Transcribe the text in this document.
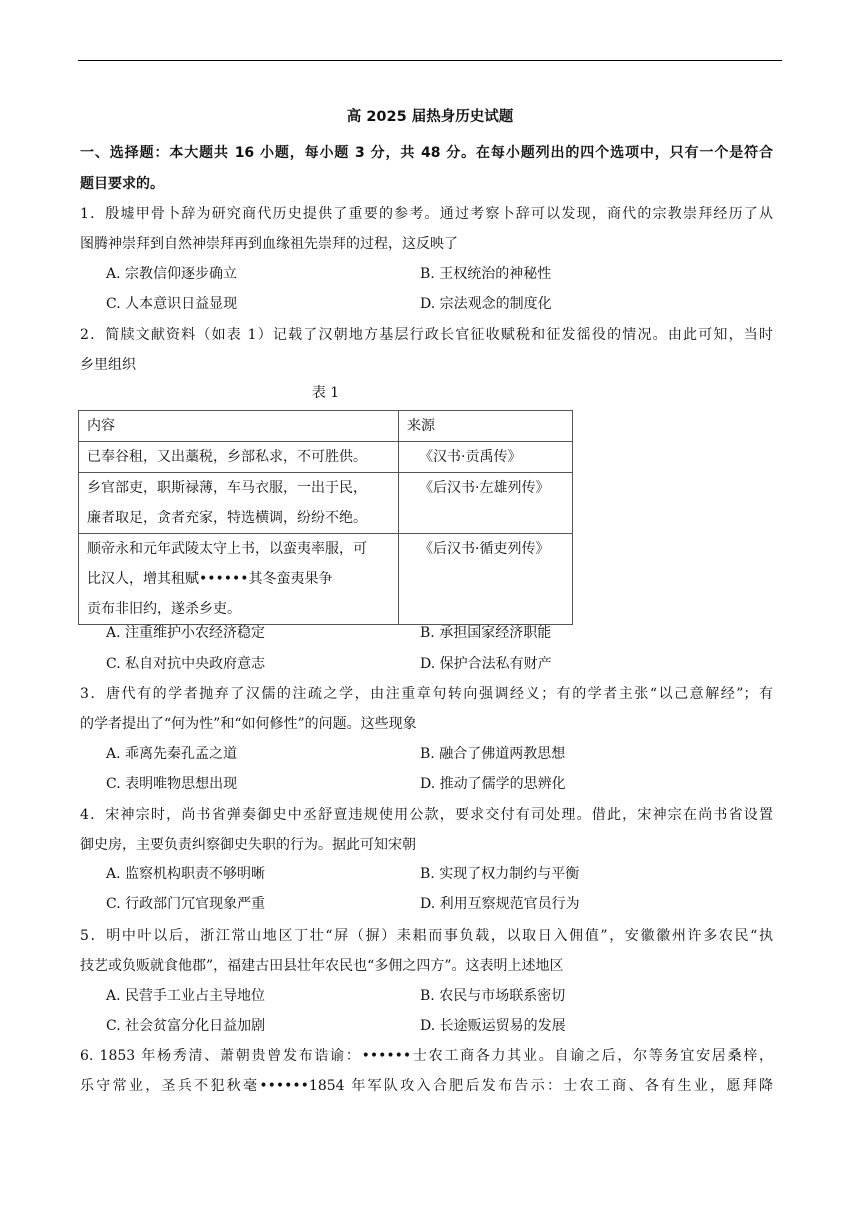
高 2025 届热身历史试题
一、选择题：本大题共 16 小题，每小题 3 分，共 48 分。在每小题列出的四个选项中，只有一个是符合
题目要求的。
1．殷墟甲骨卜辞为研究商代历史提供了重要的参考。通过考察卜辞可以发现，商代的宗教崇拜经历了从
图腾神崇拜到自然神崇拜再到血缘祖先崇拜的过程，这反映了
A. 宗教信仰逐步确立	B. 王权统治的神秘性
C. 人本意识日益显现	D. 宗法观念的制度化
2．简牍文献资料（如表 1）记载了汉朝地方基层行政长官征收赋税和征发徭役的情况。由此可知，当时
乡里组织
表 1
内容	来源

已奉谷租，又出藁税，乡部私求，不可胜供。	《汉书·贡禹传》

乡官部吏，职斯禄薄，车马衣服，一出于民，
廉者取足，贪者充家，特选横调，纷纷不绝。	《后汉书·左雄列传》

顺帝永和元年武陵太守上书，以蛮夷率服，可
比汉人，增其租赋••••••其冬蛮夷果争
贡布非旧约，遂杀乡吏。	《后汉书·循吏列传》
A. 注重维护小农经济稳定	B. 承担国家经济职能
C. 私自对抗中央政府意志	D. 保护合法私有财产
3．唐代有的学者抛弃了汉儒的注疏之学，由注重章句转向强调经义；有的学者主张“以己意解经”；有
的学者提出了“何为性”和“如何修性”的问题。这些现象
A. 乖离先秦孔孟之道	B. 融合了佛道两教思想
C. 表明唯物思想出现	D. 推动了儒学的思辨化
4．宋神宗时，尚书省弹奏御史中丞舒亶违规使用公款，要求交付有司处理。借此，宋神宗在尚书省设置
御史房，主要负责纠察御史失职的行为。据此可知宋朝
A. 监察机构职责不够明晰	B. 实现了权力制约与平衡
C. 行政部门冗官现象严重	D. 利用互察规范官员行为
5．明中叶以后，浙江常山地区丁壮“屏（摒）耒耜而事负载，以取日入佣值”，安徽徽州许多农民“执
技艺或负贩就食他郡”，福建古田县壮年农民也“多佣之四方”。这表明上述地区
A. 民营手工业占主导地位	B. 农民与市场联系密切
C. 社会贫富分化日益加剧	D. 长途贩运贸易的发展
6. 1853 年杨秀清、萧朝贵曾发布诰谕：••••••士农工商各力其业。自谕之后，尔等务宜安居桑梓，
乐守常业，圣兵不犯秋毫••••••1854 年军队攻入合肥后发布告示：士农工商、各有生业，愿拜降
